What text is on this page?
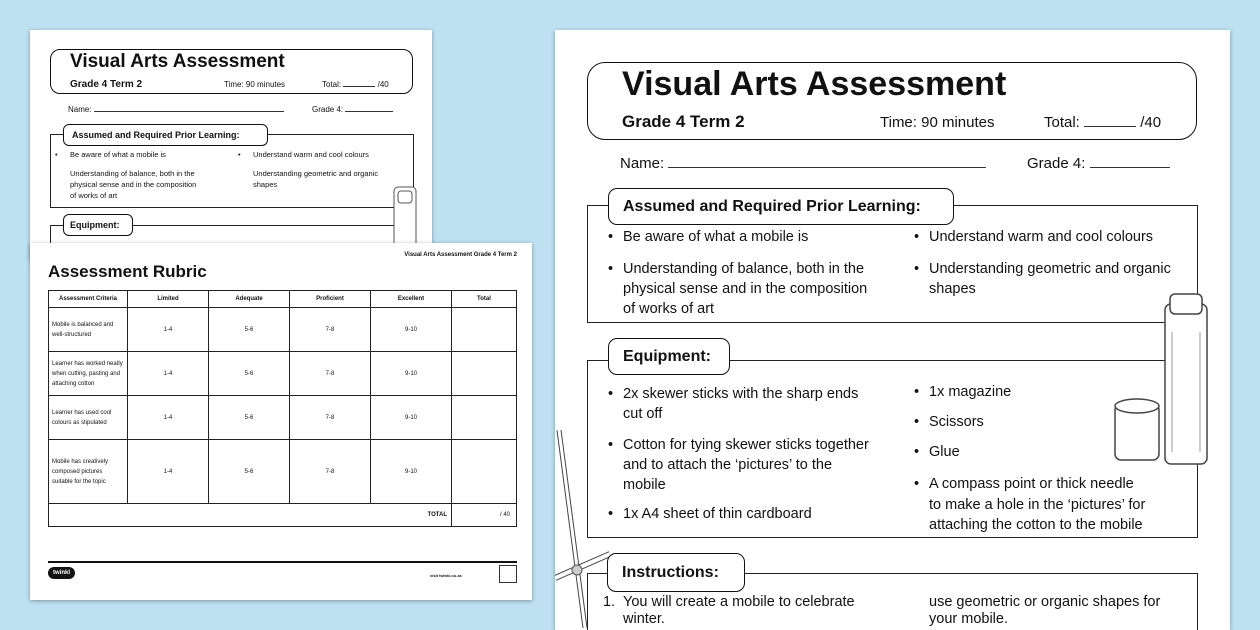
Visual Arts Assessment
Grade 4 Term 2	Time: 90 minutes	Total:	/40
Name:	Grade 4:
Assumed and Required Prior Learning:
• Be aware of what a mobile is
Understanding of balance, both in the
physical sense and in the composition
of works of art
• Understand warm and cool colours
Understanding geometric and organic
shapes
Equipment:
Visual Arts Assessment Grade 4 Term 2
Assessment Rubric
Assessment Criteria	Limited	Adequate	Proficient	Excellent	Total
Mobile is balanced and well-structured	1-4	5-6	7-8	9-10	
Learner has worked neatly when cutting, pasting and attaching cotton	1-4	5-6	7-8	9-10	
Learner has used cool colours as stipulated	1-4	5-6	7-8	9-10	
Mobile has creatively composed pictures suitable for the topic	1-4	5-6	7-8	9-10	
TOTAL					/ 40
twinkl	visit twinkl.co.za
Visual Arts Assessment
Grade 4 Term 2	Time: 90 minutes	Total:	/40
Name:	Grade 4:
Assumed and Required Prior Learning:
• Be aware of what a mobile is
• Understanding of balance, both in the
physical sense and in the composition
of works of art
• Understand warm and cool colours
• Understanding geometric and organic
shapes
Equipment:
• 2x skewer sticks with the sharp ends
cut off
• Cotton for tying skewer sticks together
and to attach the ‘pictures’ to the
mobile
• 1x A4 sheet of thin cardboard
• 1x magazine
• Scissors
• Glue
• A compass point or thick needle
to make a hole in the ‘pictures’ for
attaching the cotton to the mobile
Instructions:
1. You will create a mobile to celebrate
winter.
use geometric or organic shapes for
your mobile.
